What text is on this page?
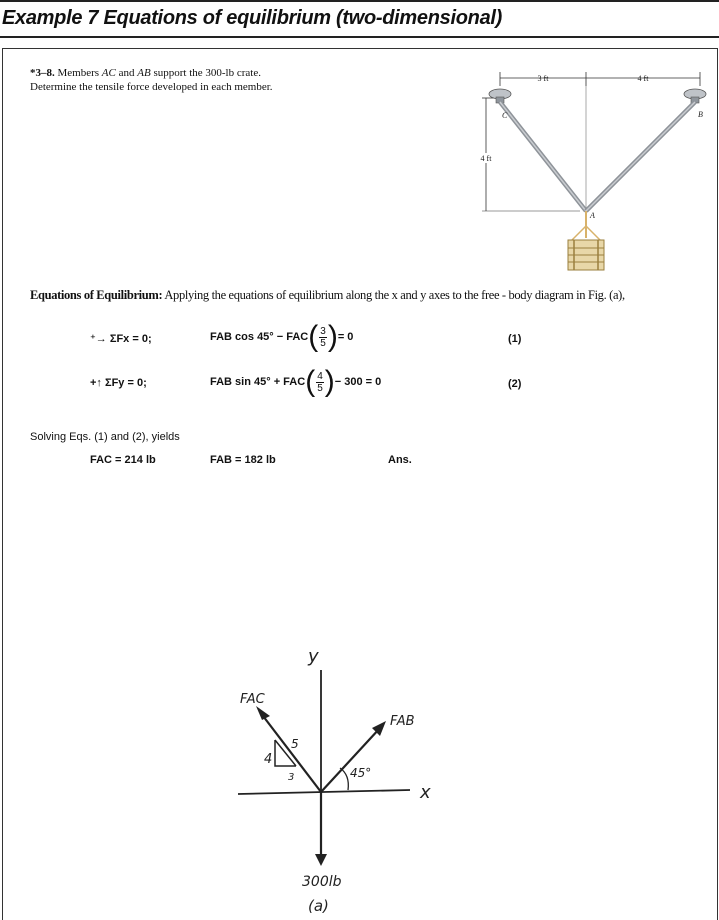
Example 7 Equations of equilibrium (two-dimensional)
*3–8. Members AC and AB support the 300-lb crate.
Determine the tensile force developed in each member.
3 ft	4 ft
4 ft
C	B
A
Equations of Equilibrium: Applying the equations of equilibrium along the x and y axes to the free - body diagram in Fig. (a),
⁺→ ΣFx = 0;	FAB $\cos 45^\circ - FAC( \frac{3}{5}$ )= 0	(1)
+↑ ΣFy = 0;	FAB $\sin 45^\circ + FAC( \frac{4}{5}$ )− 300 = 0	(2)
Solving Eqs. (1) and (2), yields
FAC = 214 lb	FAB = 182 lb	Ans.
y
x
FAC
4
3
5
FAB
45°
300lb
(a)
